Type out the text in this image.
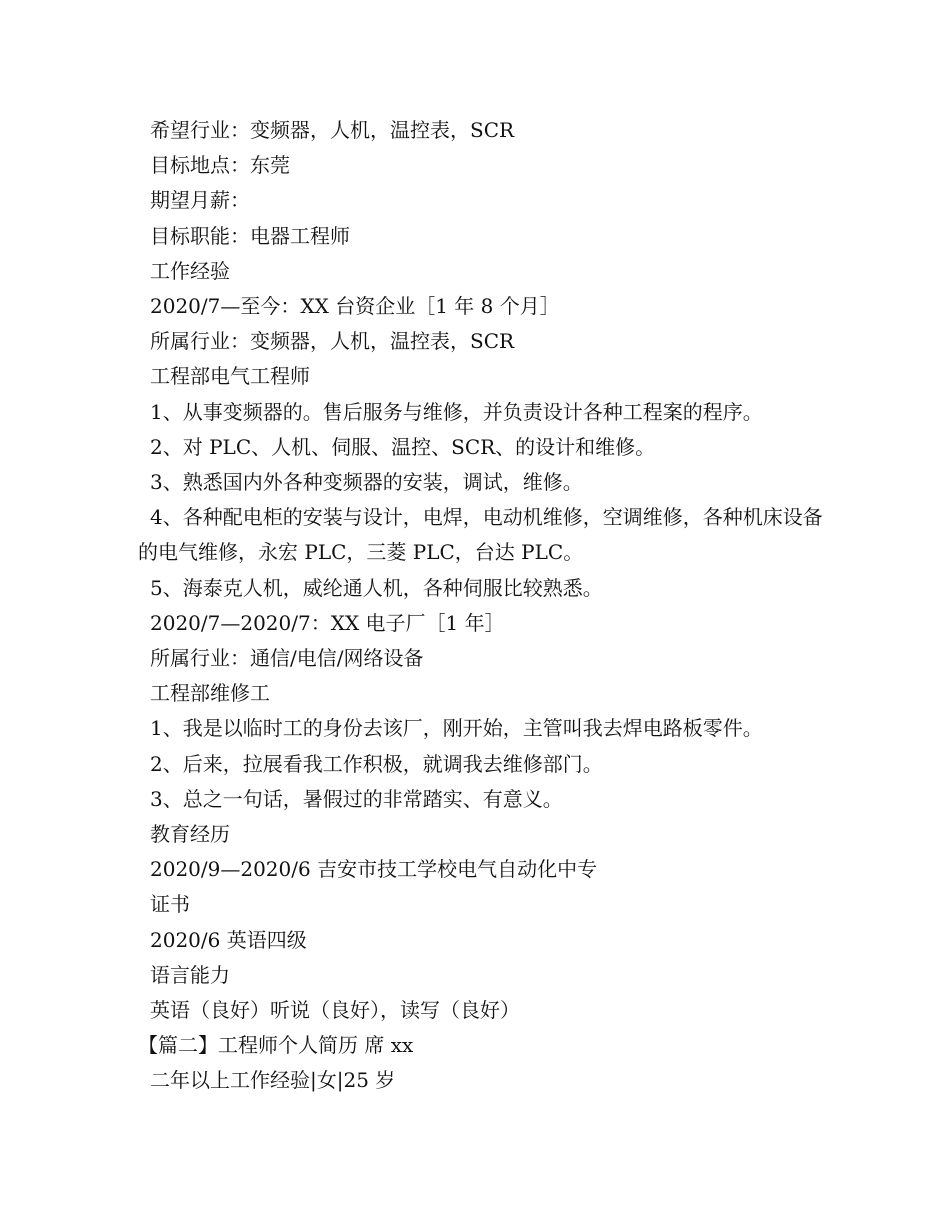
希望行业：变频器，人机，温控表，SCR

目标地点：东莞

期望月薪：

目标职能：电器工程师

工作经验

2020/7—至今：XX 台资企业［1 年 8 个月］

所属行业：变频器，人机，温控表，SCR

工程部电气工程师

1、从事变频器的。售后服务与维修，并负责设计各种工程案的程序。

2、对 PLC、人机、伺服、温控、SCR、的设计和维修。

3、熟悉国内外各种变频器的安装，调试，维修。

4、各种配电柜的安装与设计，电焊，电动机维修，空调维修，各种机床设备的电气维修，永宏 PLC，三菱 PLC，台达 PLC。

5、海泰克人机，威纶通人机，各种伺服比较熟悉。

2020/7—2020/7：XX 电子厂［1 年］

所属行业：通信/电信/网络设备

工程部维修工

1、我是以临时工的身份去该厂，刚开始，主管叫我去焊电路板零件。

2、后来，拉展看我工作积极，就调我去维修部门。

3、总之一句话，暑假过的非常踏实、有意义。

教育经历

2020/9—2020/6 吉安市技工学校电气自动化中专

证书

2020/6 英语四级

语言能力

英语（良好）听说（良好），读写（良好）

【篇二】工程师个人简历 席 xx

二年以上工作经验|女|25 岁
